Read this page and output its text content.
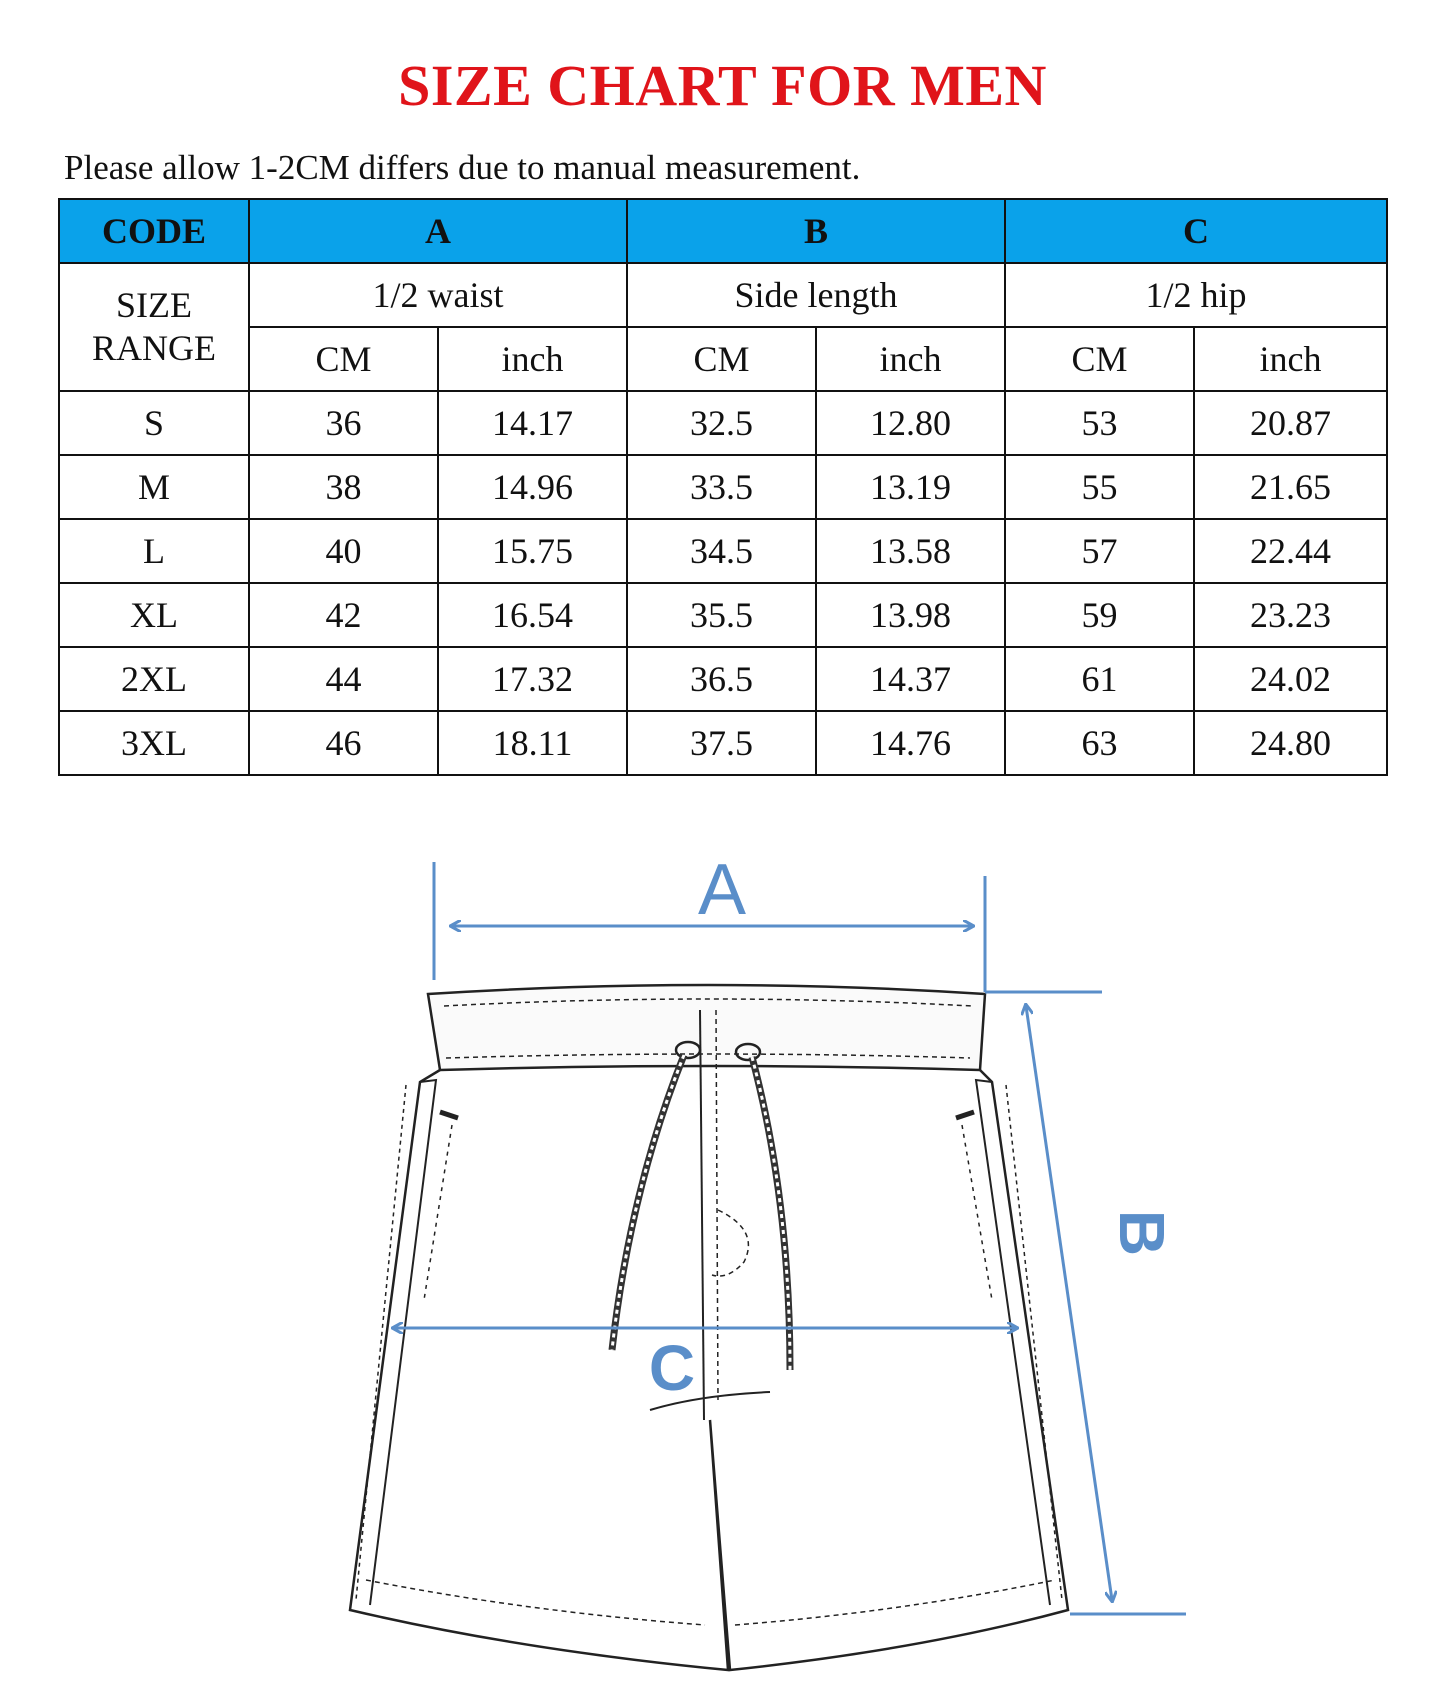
SIZE CHART FOR MEN
Please allow 1-2CM differs due to manual measurement.
CODE	A		B		C	

SIZE
RANGE	1/2 waist		Side length		1/2 hip	
	CM	inch	CM	inch	CM	inch
S	36	14.17	32.5	12.80	53	20.87
M	38	14.96	33.5	13.19	55	21.65
L	40	15.75	34.5	13.58	57	22.44
XL	42	16.54	35.5	13.98	59	23.23
2XL	44	17.32	36.5	14.37	61	24.02
3XL	46	18.11	37.5	14.76	63	24.80
A
B
C
